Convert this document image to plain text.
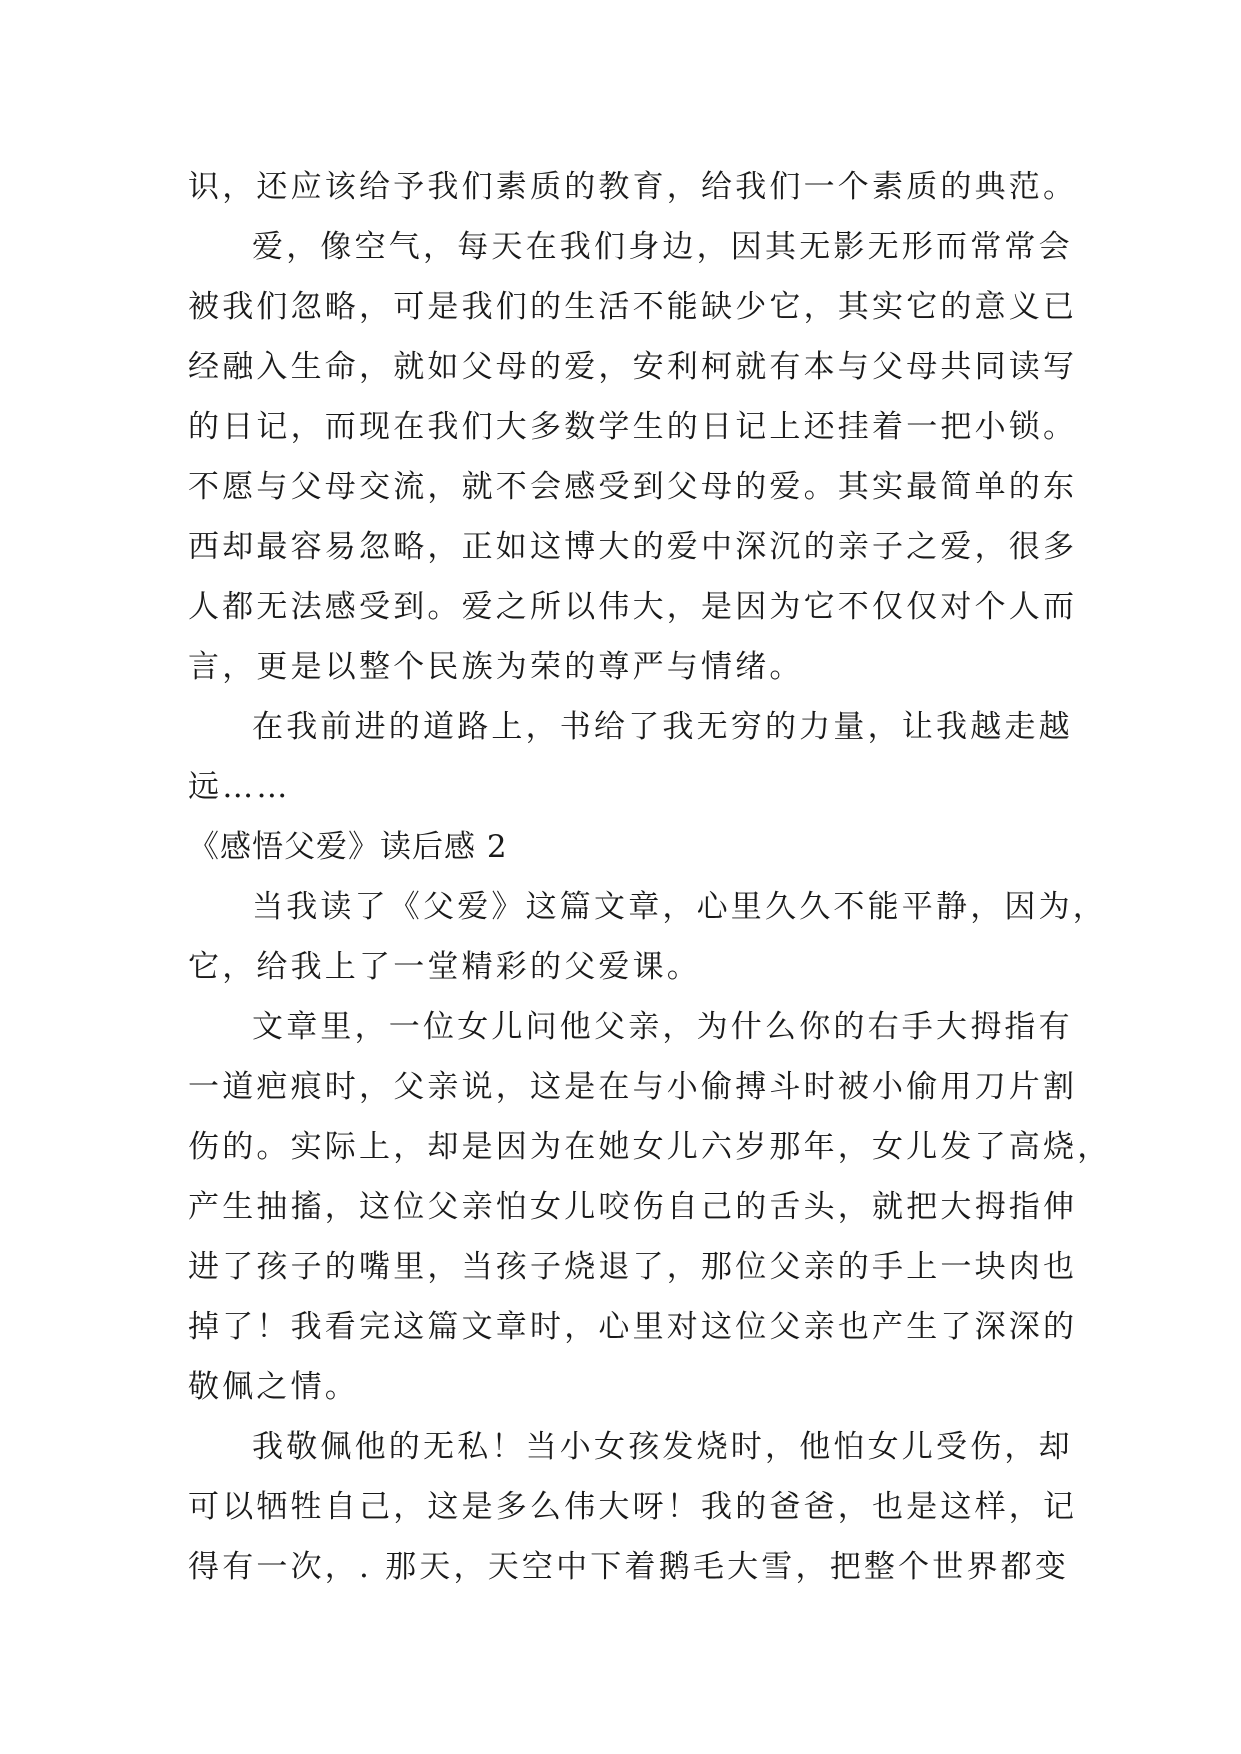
识，还应该给予我们素质的教育，给我们一个素质的典范。
爱，像空气，每天在我们身边，因其无影无形而常常会
被我们忽略，可是我们的生活不能缺少它，其实它的意义已
经融入生命，就如父母的爱，安利柯就有本与父母共同读写
的日记，而现在我们大多数学生的日记上还挂着一把小锁。
不愿与父母交流，就不会感受到父母的爱。其实最简单的东
西却最容易忽略，正如这博大的爱中深沉的亲子之爱，很多
人都无法感受到。爱之所以伟大，是因为它不仅仅对个人而
言，更是以整个民族为荣的尊严与情绪。
在我前进的道路上，书给了我无穷的力量，让我越走越
远……
《感悟父爱》读后感 2
当我读了《父爱》这篇文章，心里久久不能平静，因为，
它，给我上了一堂精彩的父爱课。
文章里，一位女儿问他父亲，为什么你的右手大拇指有
一道疤痕时，父亲说，这是在与小偷搏斗时被小偷用刀片割
伤的。实际上，却是因为在她女儿六岁那年，女儿发了高烧，
产生抽搐，这位父亲怕女儿咬伤自己的舌头，就把大拇指伸
进了孩子的嘴里，当孩子烧退了，那位父亲的手上一块肉也
掉了！我看完这篇文章时，心里对这位父亲也产生了深深的
敬佩之情。
我敬佩他的无私！当小女孩发烧时，他怕女儿受伤，却
可以牺牲自己，这是多么伟大呀！我的爸爸，也是这样，记
得有一次，. 那天，天空中下着鹅毛大雪，把整个世界都变
